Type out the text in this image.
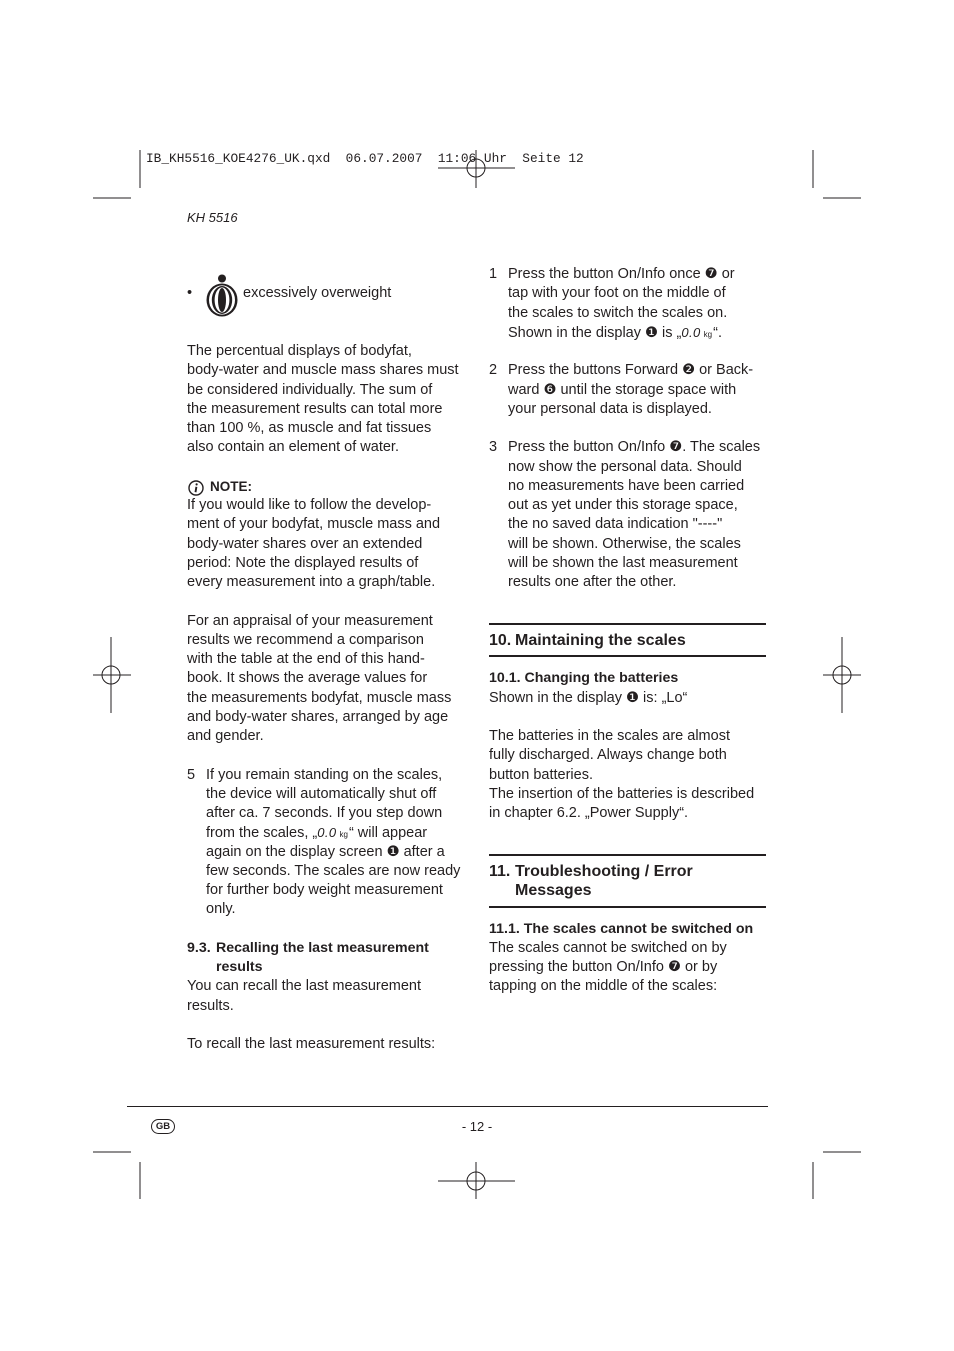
IB_KH5516_KOE4276_UK.qxd  06.07.2007  11:06 Uhr  Seite 12
KH 5516
•	excessively overweight
The percentual displays of bodyfat,
body-water and muscle mass shares must
be considered individually. The sum of
the measurement results can total more
than 100 %, as muscle and fat tissues
also contain an element of water.
NOTE:
If you would like to follow the develop-
ment of your bodyfat, muscle mass and
body-water shares over an extended
period: Note the displayed results of
every measurement into a graph/table.
For an appraisal of your measurement
results we recommend a comparison
with the table at the end of this hand-
book. It shows the average values for
the measurements bodyfat, muscle mass
and body-water shares, arranged by age
and gender.
5 If you remain standing on the scales,
the device will automatically shut off
after ca. 7 seconds. If you step down
from the scales, „0.0 kg“ will appear
again on the display screen ❶ after a
few seconds. The scales are now ready
for further body weight measurement
only.
9.3. Recalling the last measurement
results
You can recall the last measurement
results.
To recall the last measurement results:
1 Press the button On/Info once ❼ or
tap with your foot on the middle of
the scales to switch the scales on.
Shown in the display ❶ is „0.0 kg“.
2 Press the buttons Forward ❷ or Back-
ward ❻ until the storage space with
your personal data is displayed.
3 Press the button On/Info ❼. The scales
now show the personal data. Should
no measurements have been carried
out as yet under this storage space,
the no saved data indication "----"
will be shown. Otherwise, the scales
will be shown the last measurement
results one after the other.
10. Maintaining the scales
10.1. Changing the batteries
Shown in the display ❶ is: „Lo“
The batteries in the scales are almost
fully discharged. Always change both
button batteries.
The insertion of the batteries is described
in chapter 6.2. „Power Supply“.
11. Troubleshooting / Error
Messages
11.1. The scales cannot be switched on
The scales cannot be switched on by
pressing the button On/Info ❼ or by
tapping on the middle of the scales:
GB	- 12 -
